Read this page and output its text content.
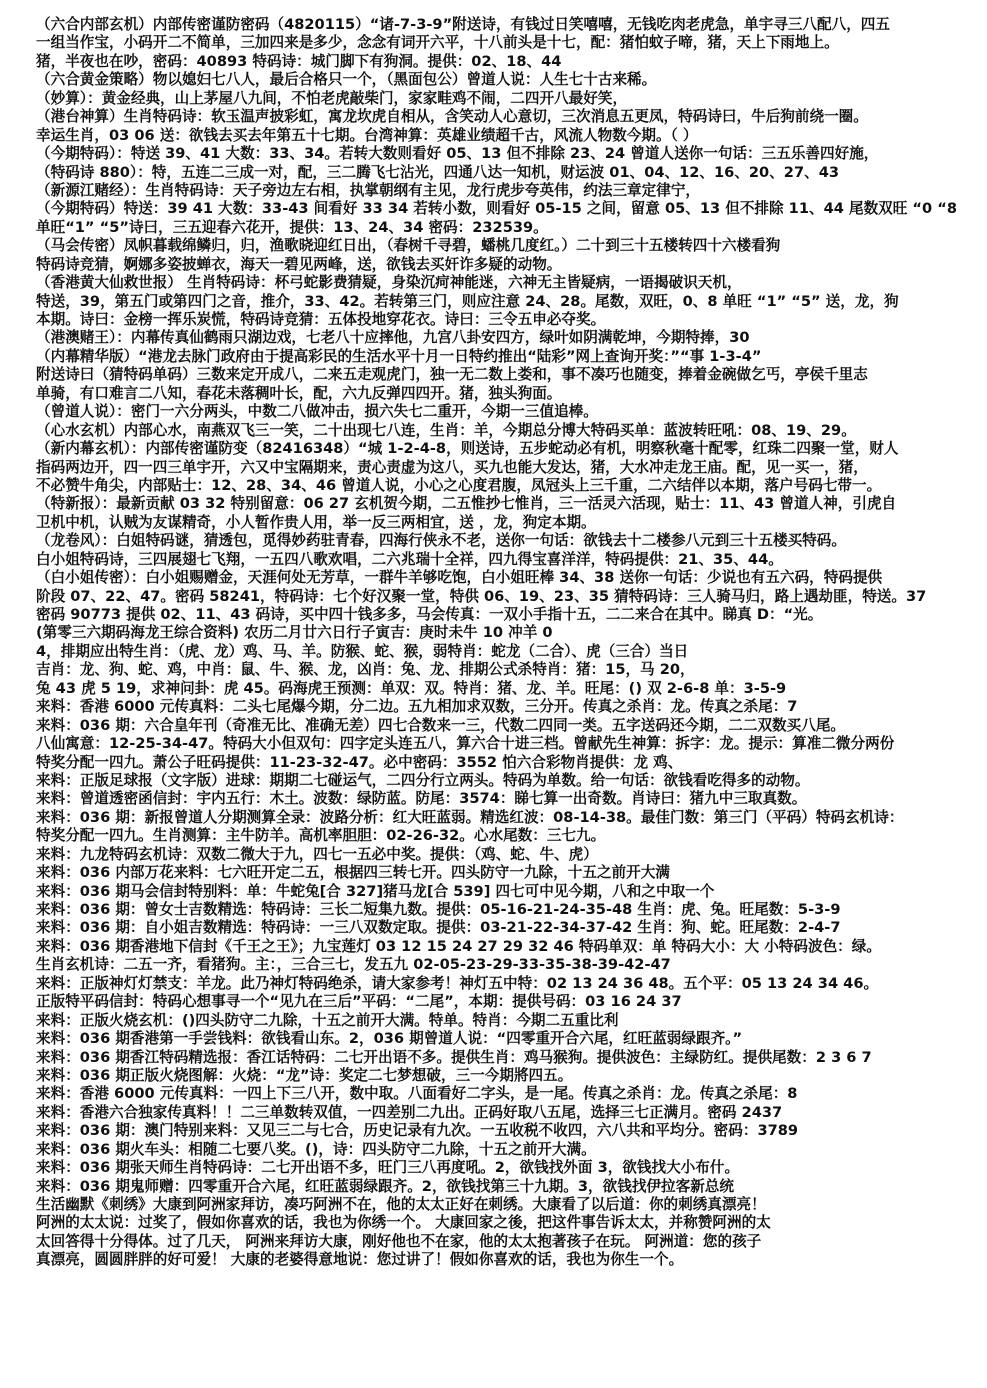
（六合内部玄机）内部传密谨防密码（4820115）“诸-7-3-9”附送诗，有钱过日笑嘻嘻，无钱吃肉老虎急，单宇寻三八配八，四五
一组当作宝，小码开二不简单，三加四来是多少，念念有词开六平，十八前头是十七，配：猪怕蚊子啼，猪，天上下雨地上。
猪，半夜也在吵，密码：40893 特码诗：城门脚下有狗洞。提供：02、18、44
（六合黄金策略）物以媳妇七八人，最后合格只一个，（黑面包公）曾道人说：人生七十古来稀。
（妙算）：黄金经典，山上茅屋八九间，不怕老虎敲柴门，家家畦鸡不闹，二四开八最好笑，
（港台神算）生肖特码诗：软玉温声披彩虹，寓龙坎虎自相从，含笑动人心意切，三次消息五更凤，特码诗曰，牛后狗前绕一圈。
幸运生肖，03 06 送：欲钱去买去年第五十七期。台湾神算：英雄业绩超千古，风流人物数今期。（ ）
（今期特码）：特送 39、41 大数：33、34。若转大数则看好 05、13 但不排除 23、24 曾道人送你一句话：三五乐善四好施，
（特码诗 880）：特，五连二三成一对，配，三二腾飞七沾光，四通八达一知机，财运波 01、04、12、16、20、27、43
（新源江赌经）：生肖特码诗：天子旁边左右相，执掌朝纲有主见，龙行虎步夸英伟，约法三章定律宁，
（今期特码）特送：39 41 大数：33-43 间看好 33 34 若转小数，则看好 05-15 之间，留意 05、13 但不排除 11、44 尾数双旺 “0 “8
单旺“1” “5”诗曰，三五迎春六花开，提供：13、24、34 密码：232539。
（马会传密）凤帜暮载绵鳞归，归，渔歌晓迎红日出，（春树千寻碧，蟠桃几度红。）二十到三十五楼转四十六楼看狗
特码诗竞猜，婀娜多姿披蝉衣，海天一碧见两峰，送，欲钱去买奸诈多疑的动物。
（香港黄大仙救世报） 生肖特码诗：杯弓蛇影费猜疑，身染沉疴神能迷，六神无主皆疑病，一语揭破识天机，
特送，39，第五门或第四门之音，推介，33、42。若转第三门，则应注意 24、28。尾数，双旺，0、8 单旺 “1” “5” 送，龙，狗
本期。诗曰：金榜一挥乐炭慌，特码诗竞猜：五体投地穿花衣。诗曰：三令五申必夺奖。
（港澳赌王）：内幕传真仙鹤雨只湖边戏，七老八十应摔他，九宫八卦安四方，绿叶如阴满乾坤，今期特捧，30
（内幕精华版）“港龙去脉门政府由于提高彩民的生活水平十月一日特约推出“陆彩”网上查询开奖：”“事 1-3-4”
附送诗曰（猜特码单码）三数来定开成八，二来五走观虎门，独一无二数上娄和，事不凑巧也随变，捧着金碗做乞丐，亭侯千里志
单骑，有口难言二八知，春花未落稠叶长，配，六九反弹四四开。猪，独头狗面。
（曾道人说）：密门一六分两头，中数二八做冲击，损六失七二重开，今期一三值追棒。
（心水玄机）内部心水，南燕双飞三一笑，二十出现七八连，生肖：羊，今期总分博大特码买单：蓝波转旺吼：08、19、29。
（新内幕玄机）：内部传密谨防变（82416348）“城 1-2-4-8，则送诗，五步蛇动必有机，明察秋毫十配零，红珠二四聚一堂，财人
指码两边开，四一四三单宇开，六又中宝隔期来，责心责虚为这八，买九也能大发达，猪，大水冲走龙王庙。配，见一买一，猪，
不必赞牛角尖，内部贴士：12、28、34、46 曾道人说，小心之心度君腹，凤冠头上三千重，二六结伴以本期，落户号码七带一。
（特新报）：最新贡献 03 32 特别留意：06 27 玄机贺今期，二五惟抄七惟肖，三一活灵六活现，贴士：11、43 曾道人神，引虎自
卫机中机，认贼为友谋精奇，小人暂作贵人用，举一反三两相宜，送 ，龙，狗定本期。
（龙卷风）：白姐特码谜，猜透包，觅得妙药驻青春，四海行侠永不老，送你一句话：欲钱去十二楼参八元到三十五楼买特码。
白小姐特码诗，三四展翅七飞翔，一五四八歌欢唱，二六兆瑞十全祥，四九得宝喜洋洋，特码提供：21、35、44。
（白小姐传密）：白小姐赐赠金，天涯何处无芳草，一群牛羊够吃饱，白小姐旺棒 34、38 送你一句话：少说也有五六码，特码提供
阶段 07、22、47。密码 58241，特码诗：七个好汉聚一堂，特供 06、19、23、35 猜特码诗：三人骑马归，路上遇劫匪，特送。37
密码 90773 提供 02、11、43 码诗，买中四十钱多多，马会传真：一双小手指十五，二二来合在其中。睇真 D：“光。
(第零三六期码海龙王综合资料) 农历二月廿六日行子寅吉：庚时未牛 10 冲羊 0
4，排期应出特生肖：（虎、龙）鸡、马、羊。防猴、蛇、猴，弱特肖：蛇龙（二合）、虎（三合）当日
吉肖：龙、狗、蛇、鸡，中肖：鼠、牛、猴、龙，凶肖：兔、龙、排期公式杀特肖：猪：15，马 20，
兔 43 虎 5 19，求神问卦：虎 45。码海虎王预测：单双：双。特肖：猪、龙、羊。旺尾：() 双 2-6-8 单：3-5-9
来料：香港 6000 元传真料：二头七尾爆今期，分二边。五九相加求双数，三分开。传真之杀肖：龙。传真之杀尾：7
来料：036 期：六合皇年刊（奇准无比、准确无差）四七合数来一三，代数二四同一类。五字送码还今期，二二双数买八尾。
八仙寓意：12-25-34-47。特码大小但双句：四字定头连五八，算六合十进三档。曾献先生神算：拆字：龙。提示：算准二微分两份
特奖分配一四九。萧公子旺码提供：11-23-32-47。必中密码：3552 怕六合彩物肖提供：龙 鸡、
来料：正版足球报（文字版）进球：期期二七碰运气，二四分行立两头。特码为单数。给一句话：欲钱看吃得多的动物。
来料：曾道透密函信封：宇内五行：木土。波数：绿防蓝。防尾：3574：睇七算一出奇数。肖诗曰：猪九中三取真数。
来料：036 期：新报曾道人分期测算全录：波路分析：红大旺蓝弱。精选红波：08-14-38。最佳门数：第三门（平码）特码玄机诗：
特奖分配一四九。生肖测算：主牛防羊。高机率胆胆：02-26-32。心水尾数：三七九。
来料：九龙特码玄机诗：双数二微大于九，四七一五必中奖。提供：（鸡、蛇、牛、虎）
来料：036 内部万花来料：七六旺开定二五，根据四三转七开。四头防守一九除，十五之前开大满
来料：036 期马会信封特别料：单：牛蛇兔[合 327]猪马龙[合 539] 四七可中见今期，八和之中取一个
来料：036 期：曾女士吉数精选：特码诗：三长二短集九数。提供：05-16-21-24-35-48 生肖：虎、兔。旺尾数：5-3-9
来料：036 期：自小姐吉数精选：特码诗：一三八双数定取。提供：03-21-22-34-37-42 生肖：狗、蛇。旺尾数：2-4-7
来料：036 期香港地下信封《千王之王》；九宝莲灯 03 12 15 24 27 29 32 46 特码单双：单 特码大小：大 小特码波色：绿。
生肖玄机诗：二五一齐，看猪狗。主：，三合三七，发五九 02-05-23-29-33-35-38-39-42-47
来料：正版神灯灯禁支：羊龙。此乃神灯特码绝杀，请大家参考！神灯五中特：02 13 24 36 48。五个平：05 13 24 34 46。
正版特平码信封：特码心想事寻一个“见九在三后”平码：“二尾”，本期：提供号码：03 16 24 37
来料：正版火烧玄机：()四头防守二九除，十五之前开大满。特单。特肖：今期二五重比利
来料：036 期香港第一手尝钱料：欲钱看山东。2，036 期曾道人说：“四零重开合六尾，红旺蓝弱绿跟齐。”
来料：036 期香江特码精选报：香江话特码：二七开出语不多。提供生肖：鸡马猴狗。提供波色：主绿防红。提供尾数：2 3 6 7
来料：036 期正版火烧图解：火烧：“龙”诗：奖定二七梦想破，三一今期將四五。
来料：香港 6000 元传真料：一四上下三八开，数中取。八面看好二字头，是一尾。传真之杀肖：龙。传真之杀尾：8
来料：香港六合独家传真料！！二三单数转双值，一四差别二九出。正码好取八五尾，选择三七正满月。密码 2437
来料：036 期：澳门特别来料：又见三二与七合，历史记录有九次。一五收税不收四，六八共和平均分。密码：3789
来料：036 期火车头：相随二七要八奖。()，诗：四头防守二九除，十五之前开大满。
来料：036 期张天师生肖特码诗：二七开出语不多，旺门三八再度吼。2，欲钱找外面 3，欲钱找大小布什。
来料：036 期鬼师赠：四零重开合六尾，红旺蓝弱绿跟齐。2，欲钱找第三十九期。3，欲钱找伊拉客新总统
生活幽默《刺绣》大康到阿洲家拜访，凑巧阿洲不在，他的太太正好在刺绣。大康看了以后道：你的刺绣真漂亮！
阿洲的太太说：过奖了，假如你喜欢的话，我也为你绣一个。 大康回家之後，把这件事告诉太太，并称赞阿洲的太
太回答得十分得体。过了几天， 阿洲来拜访大康，刚好他也不在家，他的太太抱著孩子在玩。 阿洲道：您的孩子
真漂亮，圆圆胖胖的好可爱！ 大康的老婆得意地说：您过讲了！假如你喜欢的话，我也为你生一个。
